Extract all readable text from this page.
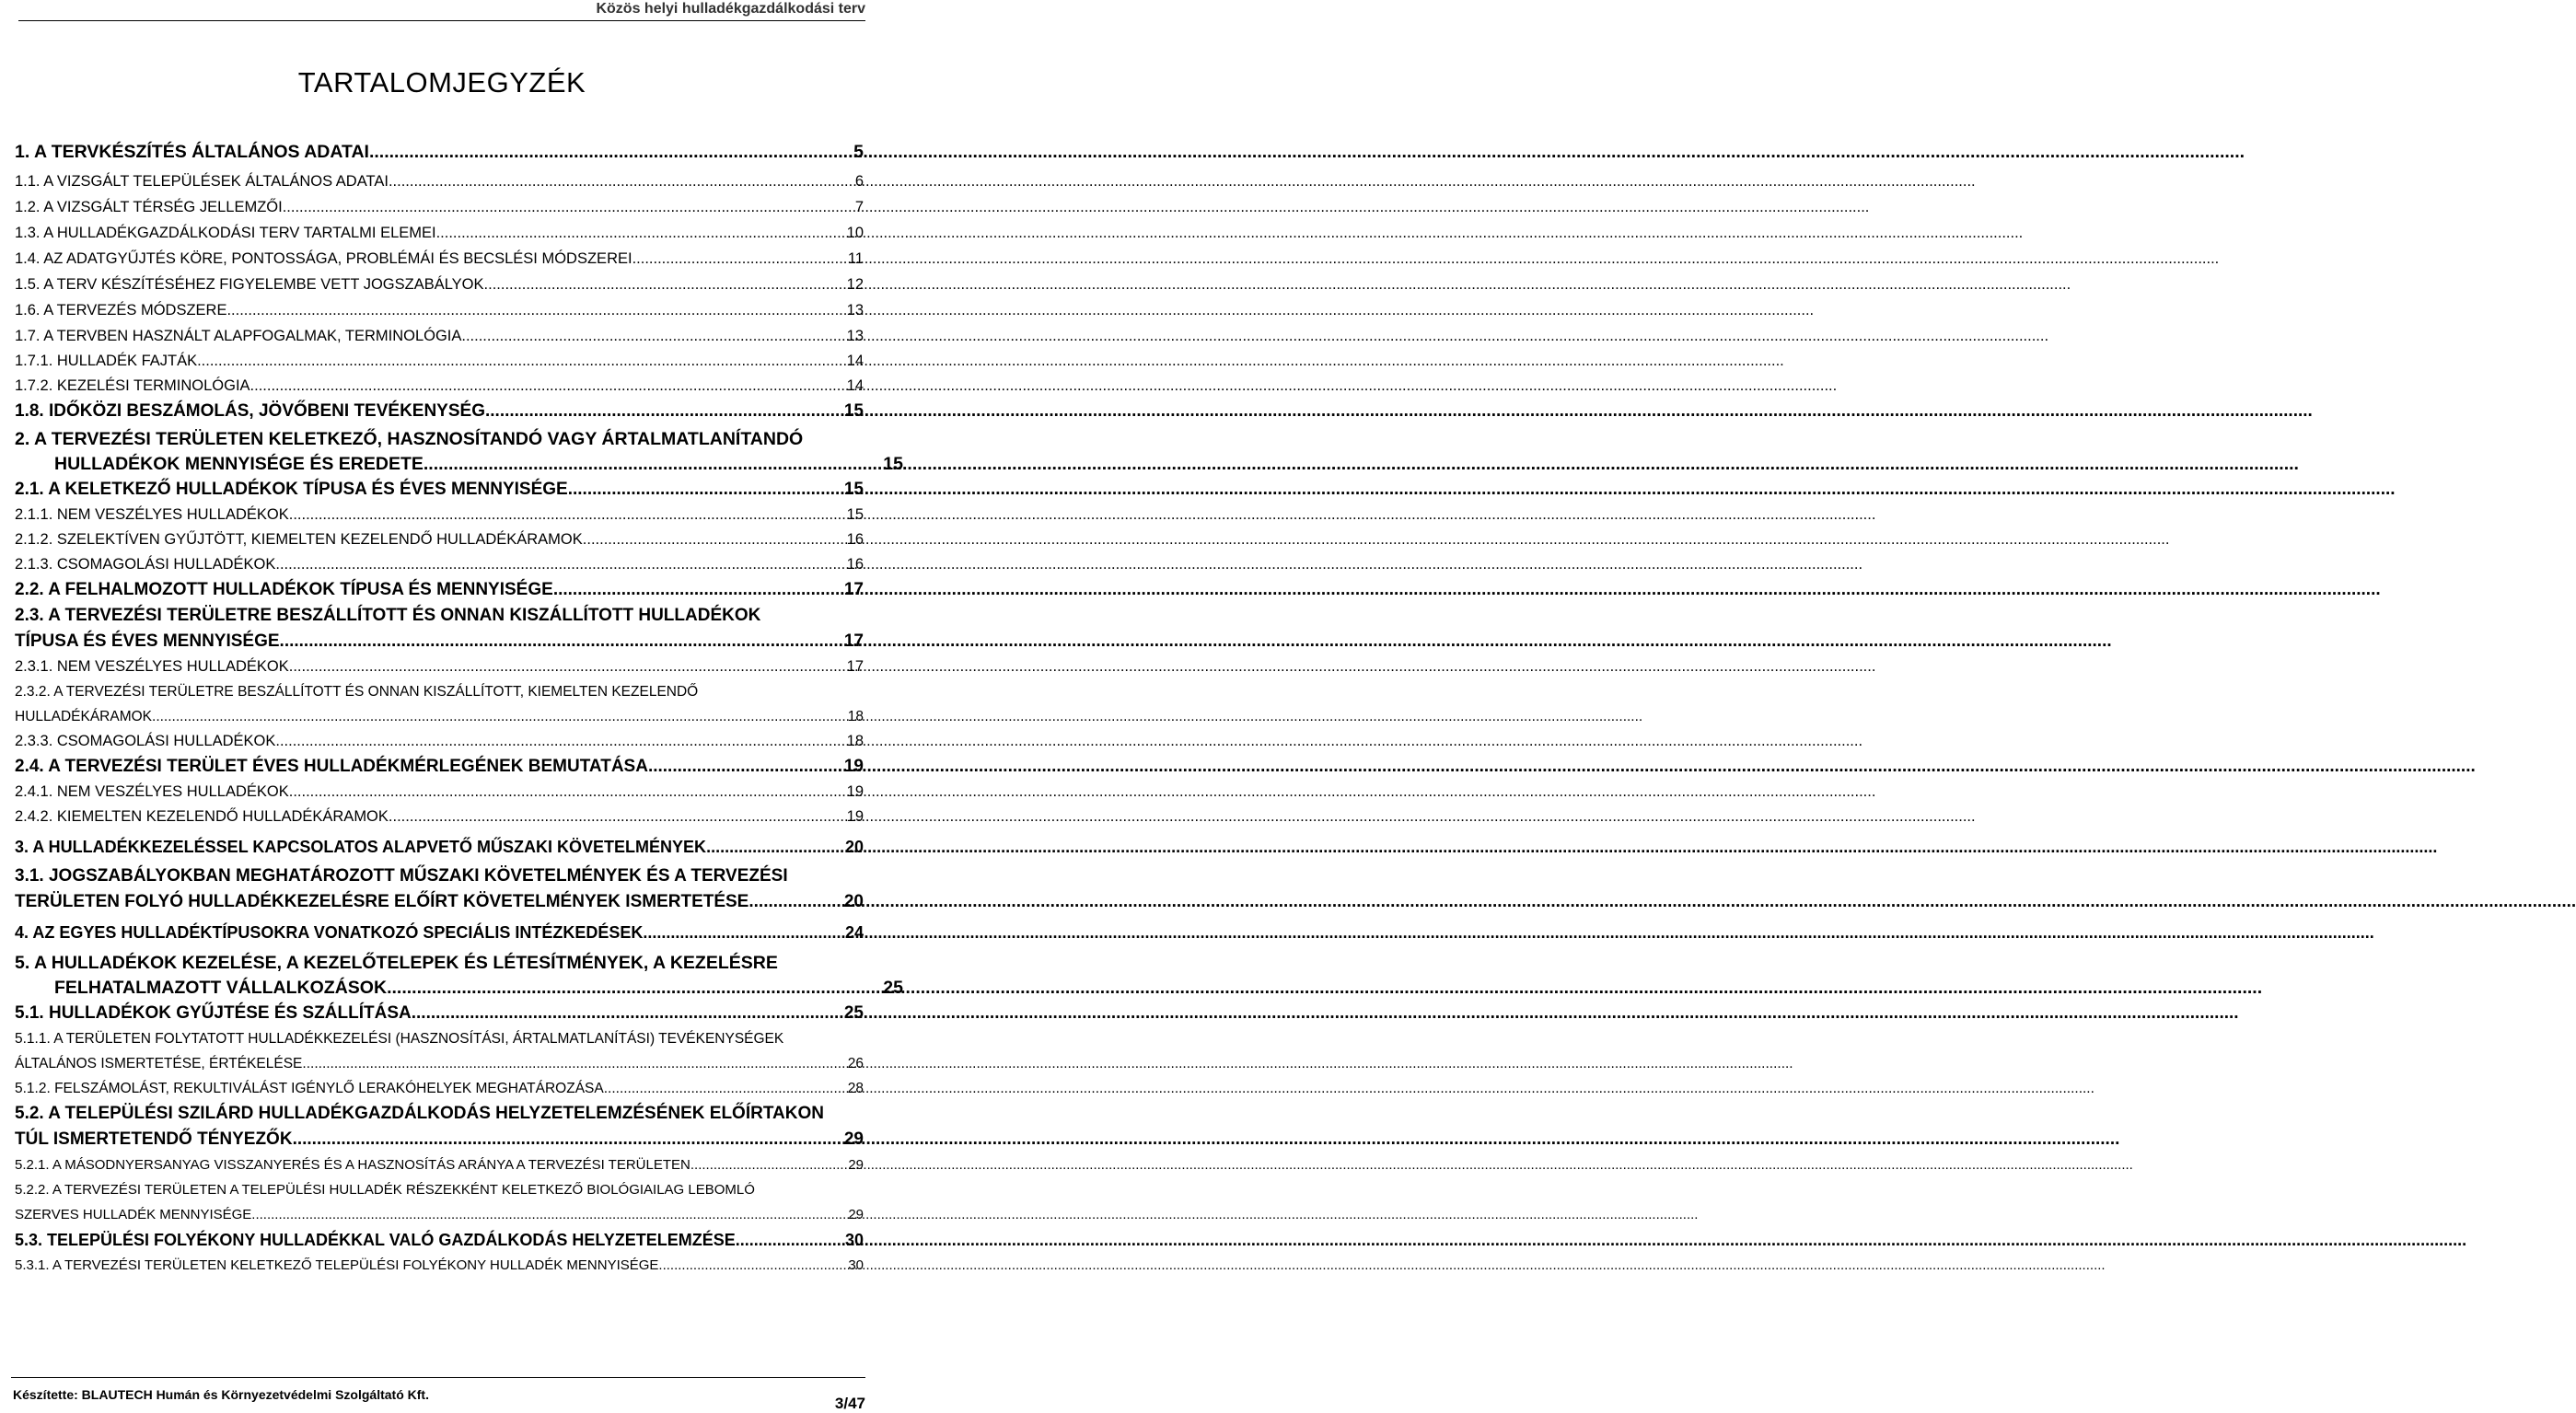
Közös helyi hulladékgazdálkodási terv
TARTALOMJEGYZÉK
1. A TERVKÉSZÍTÉS ÁLTALÁNOS ADATAI .....	5
1.1. A VIZSGÁLT TELEPÜLÉSEK ÁLTALÁNOS ADATAI .....	6
1.2. A VIZSGÁLT TÉRSÉG JELLEMZŐI .....	7
1.3. A HULLADÉKGAZDÁLKODÁSI TERV TARTALMI ELEMEI .....	10
1.4. AZ ADATGYŰJTÉS KÖRE, PONTOSSÁGA, PROBLÉMÁI ÉS BECSLÉSI MÓDSZEREI .....	11
1.5. A TERV KÉSZÍTÉSÉHEZ FIGYELEMBE VETT JOGSZABÁLYOK .....	12
1.6. A TERVEZÉS MÓDSZERE .....	13
1.7. A TERVBEN HASZNÁLT ALAPFOGALMAK, TERMINOLÓGIA .....	13
1.7.1. HULLADÉK FAJTÁK .....	14
1.7.2. KEZELÉSI TERMINOLÓGIA .....	14
1.8. IDŐKÖZI BESZÁMOLÁS, JÖVŐBENI TEVÉKENYSÉG .....	15
2. A TERVEZÉSI TERÜLETEN KELETKEZŐ, HASZNOSÍTANDÓ VAGY ÁRTALMATLANÍTANDÓ
HULLADÉKOK MENNYISÉGE ÉS EREDETE .....	15
2.1. A KELETKEZŐ HULLADÉKOK TÍPUSA ÉS ÉVES MENNYISÉGE .....	15
2.1.1. NEM VESZÉLYES HULLADÉKOK .....	15
2.1.2. SZELEKTÍVEN GYŰJTÖTT, KIEMELTEN KEZELENDŐ HULLADÉKÁRAMOK .....	16
2.1.3. CSOMAGOLÁSI HULLADÉKOK .....	16
2.2. A FELHALMOZOTT HULLADÉKOK TÍPUSA ÉS MENNYISÉGE .....	17
2.3. A TERVEZÉSI TERÜLETRE BESZÁLLÍTOTT ÉS ONNAN KISZÁLLÍTOTT HULLADÉKOK
TÍPUSA ÉS ÉVES MENNYISÉGE. .....	17
2.3.1. NEM VESZÉLYES HULLADÉKOK .....	17
2.3.2. A TERVEZÉSI TERÜLETRE BESZÁLLÍTOTT ÉS ONNAN KISZÁLLÍTOTT, KIEMELTEN KEZELENDŐ
HULLADÉKÁRAMOK .....	18
2.3.3. CSOMAGOLÁSI HULLADÉKOK .....	18
2.4. A TERVEZÉSI TERÜLET ÉVES HULLADÉKMÉRLEGÉNEK BEMUTATÁSA .....	19
2.4.1. NEM VESZÉLYES HULLADÉKOK .....	19
2.4.2. KIEMELTEN KEZELENDŐ HULLADÉKÁRAMOK .....	19
3. A HULLADÉKKEZELÉSSEL KAPCSOLATOS ALAPVETŐ MŰSZAKI KÖVETELMÉNYEK .....	20
3.1. JOGSZABÁLYOKBAN MEGHATÁROZOTT MŰSZAKI KÖVETELMÉNYEK ÉS A TERVEZÉSI
TERÜLETEN FOLYÓ HULLADÉKKEZELÉSRE ELŐÍRT KÖVETELMÉNYEK ISMERTETÉSE .....	20
4. AZ EGYES HULLADÉKTÍPUSOKRA VONATKOZÓ SPECIÁLIS INTÉZKEDÉSEK .....	24
5. A HULLADÉKOK KEZELÉSE, A KEZELŐTELEPEK ÉS LÉTESÍTMÉNYEK, A KEZELÉSRE
FELHATALMAZOTT VÁLLALKOZÁSOK .....	25
5.1. HULLADÉKOK GYŰJTÉSE ÉS SZÁLLÍTÁSA .....	25
5.1.1. A TERÜLETEN FOLYTATOTT HULLADÉKKEZELÉSI (HASZNOSÍTÁSI, ÁRTALMATLANÍTÁSI) TEVÉKENYSÉGEK
ÁLTALÁNOS ISMERTETÉSE, ÉRTÉKELÉSE .....	26
5.1.2. FELSZÁMOLÁST, REKULTIVÁLÁST IGÉNYLŐ LERAKÓHELYEK MEGHATÁROZÁSA .....	28
5.2. A TELEPÜLÉSI SZILÁRD HULLADÉKGAZDÁLKODÁS HELYZETELEMZÉSÉNEK ELŐÍRTAKON
TÚL ISMERTETENDŐ TÉNYEZŐK .....	29
5.2.1. A MÁSODNYERSANYAG VISSZANYERÉS ÉS A HASZNOSÍTÁS ARÁNYA A TERVEZÉSI TERÜLETEN .....	29
5.2.2. A TERVEZÉSI TERÜLETEN A TELEPÜLÉSI HULLADÉK RÉSZEKKÉNT KELETKEZŐ BIOLÓGIAILAG LEBOMLÓ
SZERVES HULLADÉK MENNYISÉGE. .....	29
5.3. TELEPÜLÉSI FOLYÉKONY HULLADÉKKAL VALÓ GAZDÁLKODÁS HELYZETELEMZÉSE .....	30
5.3.1. A TERVEZÉSI TERÜLETEN KELETKEZŐ TELEPÜLÉSI FOLYÉKONY HULLADÉK MENNYISÉGE. .....	30
Készítette: BLAUTECH Humán és Környezetvédelmi Szolgáltató Kft.	3/47
